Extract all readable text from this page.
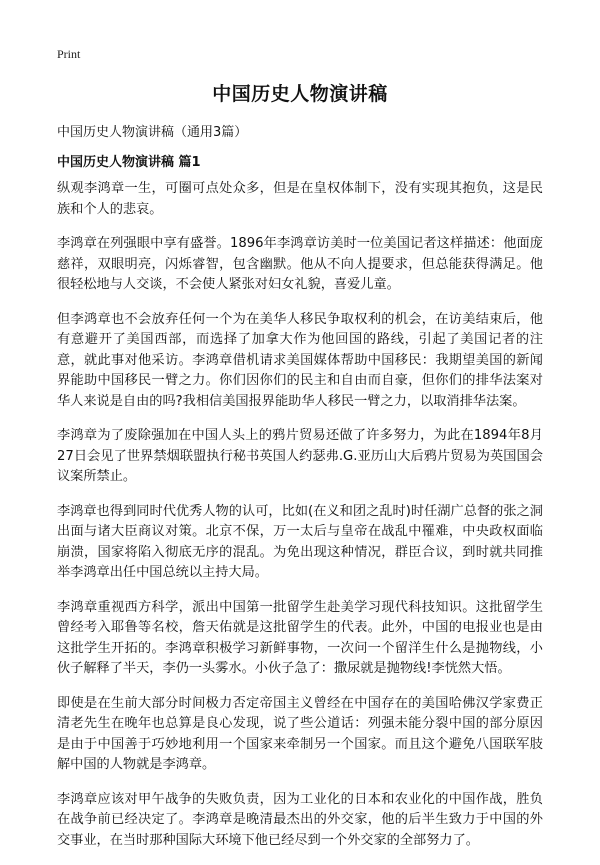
Print
中国历史人物演讲稿
中国历史人物演讲稿（通用3篇）
中国历史人物演讲稿 篇1

纵观李鸿章一生，可圈可点处众多，但是在皇权体制下，没有实现其抱负，这是民族和个人的悲哀。

李鸿章在列强眼中享有盛誉。1896年李鸿章访美时一位美国记者这样描述：他面庞慈祥，双眼明亮，闪烁睿智，包含幽默。他从不向人提要求，但总能获得满足。他很轻松地与人交谈，不会使人紧张对妇女礼貌，喜爱儿童。

但李鸿章也不会放弃任何一个为在美华人移民争取权利的机会，在访美结束后，他有意避开了美国西部，而选择了加拿大作为他回国的路线，引起了美国记者的注意，就此事对他采访。李鸿章借机请求美国媒体帮助中国移民：我期望美国的新闻界能助中国移民一臂之力。你们因你们的民主和自由而自豪，但你们的排华法案对华人来说是自由的吗?我相信美国报界能助华人移民一臂之力，以取消排华法案。

李鸿章为了废除强加在中国人头上的鸦片贸易还做了许多努力，为此在1894年8月27日会见了世界禁烟联盟执行秘书英国人约瑟弗.G.亚历山大后鸦片贸易为英国国会议案所禁止。

李鸿章也得到同时代优秀人物的认可，比如(在义和团之乱时)时任湖广总督的张之洞出面与诸大臣商议对策。北京不保，万一太后与皇帝在战乱中罹难，中央政权面临崩溃，国家将陷入彻底无序的混乱。为免出现这种情况，群臣合议，到时就共同推举李鸿章出任中国总统以主持大局。

李鸿章重视西方科学，派出中国第一批留学生赴美学习现代科技知识。这批留学生曾经考入耶鲁等名校，詹天佑就是这批留学生的代表。此外，中国的电报业也是由这批学生开拓的。李鸿章积极学习新鲜事物，一次问一个留洋生什么是抛物线，小伙子解释了半天，李仍一头雾水。小伙子急了：撒尿就是抛物线!李恍然大悟。

即使是在生前大部分时间极力否定帝国主义曾经在中国存在的美国哈佛汉学家费正清老先生在晚年也总算是良心发现，说了些公道话：列强未能分裂中国的部分原因是由于中国善于巧妙地利用一个国家来牵制另一个国家。而且这个避免八国联军肢解中国的人物就是李鸿章。

李鸿章应该对甲午战争的失败负责，因为工业化的日本和农业化的中国作战，胜负在战争前已经决定了。李鸿章是晚清最杰出的外交家，他的后半生致力于中国的外交事业，在当时那种国际大环境下他已经尽到一个外交家的全部努力了。
